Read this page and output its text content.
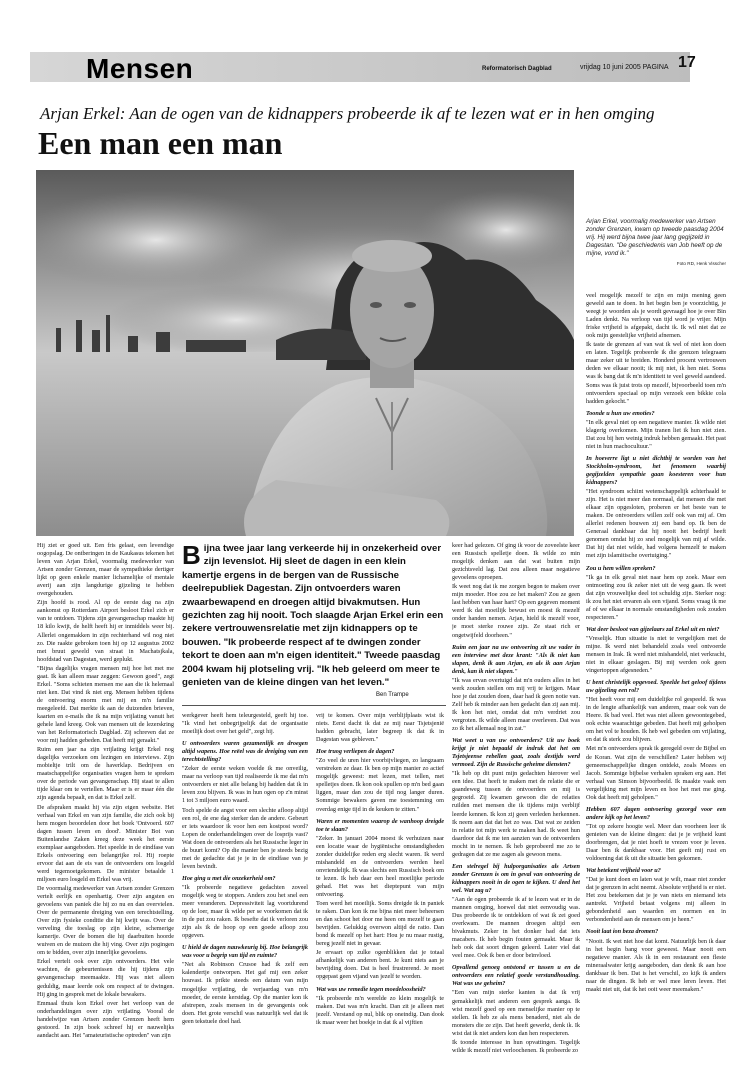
Mensen	Reformatorisch Dagblad	vrijdag 10 juni 2005 PAGINA 17
Arjan Erkel: Aan de ogen van de kidnappers probeerde ik af te lezen wat er in hen omging
Een man een man
Arjan Erkel, voormalig medewerker van Artsen zonder Grenzen, kwam op tweede paasdag 2004 vrij. Hij werd bijna twee jaar lang gegijzeld in Dagestan. "De geschiedenis van Job heeft op de mijne, vond ik."
Foto RD, Henk Visscher

Hij ziet er goed uit. Een fris gelaat, een levendige oogopslag. De ontberingen in de Kaukasus tekenen het leven van Arjan Erkel, voormalig medewerker van Artsen zonder Grenzen, maar de sympathieke dertiger lijkt op geen enkele manier lichamelijke of mentale averij aan zijn langdurige gijzeling te hebben overgehouden.

Zijn hoofd is rood. Al op de eerste dag na zijn aankomst op Rotterdam Airport besloot Erkel zich er van te ontdoen. Tijdens zijn gevangenschap maakte hij 18 kilo kwijt, de helft heeft hij er inmiddels weer bij. Allerlei ongemakken in zijn rechterhand wil nog niet zo. Die raakte gebroken toen hij op 12 augustus 2002 met bruut geweld van straat in Machatsjkala, hoofdstad van Dagestan, werd geplukt.

"Bijna dagelijks vragen mensen mij hoe het met me gaat. Ik kan alleen maar zeggen: Gewoon goed", zegt Erkel. "Soms schieten mensen me aan die ik helemaal niet ken. Dat vind ik niet erg. Mensen hebben tijdens de ontvoering enorm met mij en m'n familie meegeleefd. Dat merkte ik aan de duizenden brieven, kaarten en e-mails die ik na mijn vrijlating vanuit het gehele land kreeg. Ook van mensen uit de lezerskring van het Reformatorisch Dagblad. Zij schreven dat ze voor mij hadden gebeden. Dat heeft mij geraakt."

Ruim een jaar na zijn vrijlating krijgt Erkel nog dagelijks verzoeken om lezingen en interviews. Zijn mobieltje trilt om de haverklap. Bedrijven en maatschappelijke organisaties vragen hem te spreken over de periode van gevangenschap. Hij staat te allen tijde klaar om te vertellen. Maar er is er maar één die zijn agenda bepaalt, en dat is Erkel zelf.

De afspraken maakt hij via zijn eigen website. Het verhaal van Erkel en van zijn familie, die zich ook bij hem mogen beoordelen door het boek 'Ontvoerd. 607 dagen tussen leven en dood'. Minister Bot van Buitenlandse Zaken kreeg deze week het eerste exemplaar aangeboden. Het speelde in de eindfase van Erkels ontvoering een belangrijke rol. Hij roepte ervoor dat aan de eis van de ontvoerders om losgeld werd tegemoetgekomen. De minister betaalde 1 miljoen euro losgeld en Erkel was vrij.

De voormalig medewerker van Artsen zonder Grenzen vertelt eerlijk en openhartig. Over zijn angsten en gevoelens van paniek die hij zo nu en dan overvielen. Over de permanente dreiging van een terechtstelling. Over zijn fysieke conditie die hij kwijt was. Over de verveling die toeslag op zijn kleine, schemerige kamertje. Over de bomen die hij daarbuiten hoorde wuiven en de muizen die hij ving. Over zijn pogingen om te bidden, over zijn innerlijke gevoelens.

Erkel vertelt ook over zijn ontvoerders. Het vele wachten, de gebeurtenissen die hij tijdens zijn gevangenschap meemaakte. Hij was niet alleen geduldig, maar leerde ook om respect af te dwingen. Hij ging in gesprek met de lokale bewakers.

Emmaal thuis kon Erkel over het verloop van de onderhandelingen over zijn vrijlating. Vooral de handelwijze van Artsen zonder Grenzen heeft hem gestoord. In zijn boek schreef hij er nauwelijks aandacht aan. Het "amateuristische optreden" van zijn

Bijna twee jaar lang verkeerde hij in onzekerheid over zijn levenslot. Hij sleet de dagen in een klein kamertje ergens in de bergen van de Russische deelrepubliek Dagestan. Zijn ontvoerders waren zwaarbewapend en droegen altijd bivakmutsen. Hun gezichten zag hij nooit. Toch slaagde Arjan Erkel erin een zekere vertrouwensrelatie met zijn kidnappers op te bouwen. "Ik probeerde respect af te dwingen zonder tekort te doen aan m'n eigen identiteit." Tweede paasdag 2004 kwam hij plotseling vrij. "Ik heb geleerd om meer te genieten van de kleine dingen van het leven."
Ben Trampe

werkgever heeft hem teleurgesteld, geeft hij toe. "Ik vind het onbegrijpelijk dat de organisatie moeilijk doet over het geld", zegt hij.

U ontvoerders waren gezamenlijk en droegen altijd wapens. Hoe reëel was de dreiging van een terechtstelling?

"Zeker de eerste weken voelde ik me onveilig, maar na verloop van tijd realiseerde ik me dat m'n ontvoerders er niet alle belang bij hadden dat ik in leven zou blijven. Ik was in hun ogen op z'n minst 1 tot 3 miljoen euro waard.

Toch spelde de angst voor een slechte afloop altijd een rol, de ene dag sterker dan de andere. Gebeurt er iets waardoor ik voor hen een kostpost word? Lopen de onderhandelingen over de losprijs vast? Wat doen de ontvoerders als het Russische leger in de buurt komt? Op die manier ben je steeds bezig met de gedachte dat je je in de eindfase van je leven bevindt.

Hoe ging u met die onzekerheid om?

"Ik probeerde negatieve gedachten zoveel mogelijk weg te stoppen. Anders zou het snel een meer veranderen. Depressiviteit lag voortdurend op de loer, maar ik wilde per se voorkomen dat ik in de put zou raken. Ik besefte dat ik verloren zou zijn als ik de hoop op een goede afloop zou opgeven.

U hield de dagen nauwkeurig bij. Hoe belangrijk was voor u begrip van tijd en ruimte?

"Net als Robinson Crusoe had ik zelf een kalendertje ontworpen. Het gaf mij een zeker houvast. Ik prikte steeds een datum van mijn mogelijke vrijlating, de verjaardag van m'n moeder, de eerste kerstdag. Op die manier kon ik afstrepen, zoals mensen in de gevangenis ook doen. Het grote verschil was natuurlijk wel dat ik geen tekstuele doel had.

vrij te komen. Over mijn verblijfplaats wist ik niets. Eerst dacht ik dat ze mij naar Tsjetsjenië hadden gebracht, later begreep ik dat ik in Dagestan was gebleven."

Hoe truog verliepen de dagen?

"Zo veel de uren hier voorbijvliegen, zo langzaam verstreken ze daar. Ik ben op mijn manier zo actief mogelijk geweest: met lezen, met tellen, met spelletjes doen. Ik kon ook spullen op m'n bed gaan liggen, maar dan zou de tijd nog langer duren. Sommige bewakers gaven me toestemming om overdag enige tijd in de keuken te zitten."

Waren er momenten waarop de wanhoop dreigde toe te slaan?

"Zeker. In januari 2004 moest ik verhuizen naar een locatie waar de hygiënische omstandigheden zonder duidelijke reden erg slecht waren. Ik werd mishandeld en de ontvoerders werden heel onvriendelijk. Ik was slechts een Russisch boek om te lezen. Ik heb daar een heel moeilijke periode gehad. Het was het dieptepunt van mijn ontvoering.

Toen werd het moeilijk. Soms dreigde ik in paniek te raken. Dan kon ik me bijna niet meer beheersen en dan schoot het door me heen om mezelf te gaan bevrijden. Gelukkig overwon altijd de ratio. Dan bond ik mezelf op het hart: Hou je nu maar rustig, bereg jezelf niet in gevaar.

Je ervaart op zulke ogenblikken dat je totaal afhankelijk van anderen bent. Je kunt niets aan je bevrijding doen. Dat is heel frustrerend. Je moet opgepast geen vijand van jezelf te worden.

Wat was uw remedie tegen moedeloosheid?

"Ik probeerde m'n werelde zo klein mogelijk te maken. Dat was m'n kracht. Dan zit je alleen met jezelf. Verstand op nul, blik op oneindig. Dan dook ik maar weer het boekje in dat ik al vijftien

keer had gelezen. Of ging ik voor de zoveelste keer een Russisch spelletje doen. Ik wilde zo min mogelijk denken aan dat wat buiten mijn gezichtsveld lag. Dat zou alleen maar negatieve gevoelens oproepen.

Ik weet nog dat ik me zorgen begon te maken over mijn moeder. Hoe zou ze het maken? Zou ze geen last hebben van haar hart? Op een gegeven moment werd ik dat moeilijk bewust en moest ik mezelf onder handen nemen. Arjan, hield ik mezelf voor, je moet sterke rouwe zijn. Ze staat rich er ongetwijfeld doorheen."

Ruim een jaar na uw ontvoering zit uw vader in een interview met deze krant: "Als ik niet kan slapen, denk ik aan Arjan, en als ik aan Arjan denk, kan ik niet slapen."

"Ik was ervan overtuigd dat m'n ouders alles in het werk zouden stellen om mij vrij te krijgen. Maar hoe je dat zouden doen, daar had ik geen notie van. Zelf heb ik minder aan hen gedacht dan zij aan mij. Ik kon het niet, omdat dat m'n verdriet zou vergroten. Ik wilde alleen maar overleven. Dat was zo ik het allemaal nog in zat."

Wat weet u van uw ontvoerders? Uit uw boek krijgt je niet bepaald de indruk dat het om Tsjetsjeense rebellen gaat, zoals destijds werd vermoed. Zijn de Russische geheime diensten?

"Ik heb op dit punt mijn gedachten hierover wel een idee. Dat heeft te maken met de relatie die er gaandeweg tussen de ontvoerders en mij is gegroeid. Zij kwamen gewoon die de relaties ruilden met mensen die ik tijdens mijn verblijf leerde kennen. Ik kon zij geen verleden herkennen. Ik neem aan dat dat het zo was. Dat wat ze zeiden in relatie tot mijn werk te maken had. Ik weet hun daardoor dat ik me ten aanzien van de ontvoerders mocht in te nemen. Ik heb geprobeerd me zo te gedragen dat ze me zagen als gewoon mens.

Een stelregel bij hulporganisaties als Artsen zonder Grenzen is om in geval van ontvoering de kidnappers nooit in de ogen te kijken. U deed het wel. Wat zag u?

"Aan de ogen probeerde ik af te lezen wat er in de mannen omging, hoewel dat niet eenvoudig was. Dus probeerde ik te ontdekken of wat ik zei goed overkwam. De mannen droegen altijd een bivakmuts. Zeker in het donker had dat iets macabers. Ik heb begin fouten gemaakt. Maar ik heb ook dat soort dingen geleerd. Later viel dat veel mee. Ook ik ben er door beïnvloed.

Opvallend genoeg ontstond er tussen u en de ontvoerders een relatief goede verstandhouding. Wat was uw geheim?

"Een van mijn sterke kanten is dat ik vrij gemakkelijk met anderen een gesprek aanga. Ik wist mezelf goed op een menselijke manier op te stellen. Ik heb ze als mens benaderd, niet als de monsters die ze zijn. Dat heeft gewerkt, denk ik. Ik wist dat ik niet anders kon dan hen respecteren.

Ik toonde interesse in hun opvattingen. Tegelijk wilde ik mezelf niet verloochenen. Ik probeerde zo

veel mogelijk mezelf te zijn en mijn mening geen geweld aan te doen. In het begin ben je voorzichtig, je weegt je woorden als je wordt gevraagd hoe je over Bin Laden denkt. Na verloop van tijd word je vrijer. Mijn friske vrijheid is afgepakt, dacht ik. Ik wil niet dat ze ook mijn geestelijke vrijheid afnemen.

Ik taste de grenzen af van wat ik wel of niet kon doen en laten. Tegelijk probeerde ik die grenzen telegraam maar zeker uit te breiden. Honderd procent vertrouwen deden we elkaar nooit; ik mij niet, ik hen niet. Soms was ik bang dat ik m'n identiteit te veel geweld aandeed. Soms was ik juist trots op mezelf, bijvoorbeeld toen m'n ontvoerders speciaal op mijn verzoek een bikkie cola hadden gekocht."

Toonde u hun uw emoties?

"In elk geval niet op een negatieve manier. Ik wilde niet klagerig overkomen. Mijn tranen liet ik hun niet zien. Dat zou bij hen weinig indruk hebben gemaakt. Het past niet in hun machocultuur."

In hoeverre ligt u niet dichtbij te worden van het Stockholm-syndroom, het fenomeen waarbij gegijzelden sympathie gaan koesteren voor hun kidnappers?

"Het syndroom schiint wetenschappelijk achterhaald te zijn. Het is niet meer dan normaal, dat mensen die met elkaar zijn opgesloten, proberen er het beste van te maken. De ontvoerders willen zelf ook van mij af. Om allerlei redenen bouwen zij een band op. Ik ben de Generaal dankbaar dat hij nooit het bedrijf heeft genomen omdat hij zo snel mogelijk van mij af wilde. Dat hij dat niet wilde, had volgens hemzelf te maken met zijn islamitische overtuiging."

Zou u hem willen spreken?

"Ik ga in elk geval niet naar hem op zoek. Maar een ontmoeting zou ik zeker niet uit de weg gaan. Ik weet dat zijn vrouwelijke deel tot schuldig zijn. Sterker nog: ik zou het niet ervaren als een vijand. Soms vraag ik me af of we elkaar in normale omstandigheden ook zouden respecteren."

Wat deer besloot van gijzelaars zal Erkel uit en niet?

"Vreselijk. Hun situatie is niet te vergelijken met de mijne. Ik werd niet behandeld zoals veel ontvoerde mensen in Irak. Ik werd niet mishandeld, niet verkracht, niet in elkaar geslagen. Bij mij werden ook geen vingertoppen afgesneden."

U bent christelijk opgevoed. Speelde het geloof tijdens uw gijzeling een rol?

"Het heeft voor mij een duidelijke rol gespeeld. Ik was in de lengte afhankelijk van anderen, maar ook van de Heere. Ik bad veel. Het was niet alleen gewoontegebed, ook echte waarachtige gebeden. Dat heeft mij geholpen om het vol te houden. Ik heb wel gebeden om vrijlating, en dat ik sterk zou blijven.

Met m'n ontvoerders sprak ik geregeld over de Bijbel en de Koran. Wat zijn de verschillen? Later hebben wij gemeenschappelijke dingen ontdekt, zoals Mozes en Jacob. Sommige bijbelse verhalen spraken erg aan. Het verhaal van Simson bijvoorbeeld. Ik maakte vaak een vergelijking met mijn leven en hoe het met me ging. Ook dat heeft mij geholpen."

Hebben 607 dagen ontvoering gezorgd voor een andere kijk op het leven?

"Tot op zekere hoogte wel. Meer dan voorheen leer ik genieten van de kleine dingen: dat je je vrijheid kunt doorbrengen, dat je niet hoeft te vrezen voor je leven. Daar ben ik dankbaar voor. Het geeft mij rust en voldoening dat ik uit die situatie ben gekomen.

Wat betekent vrijheid voor u?

"Dat je kunt doen en laten wat je wilt, maar niet zonder dat je grenzen in acht neemt. Absolute vrijheid is er niet. Het zou betekenen dat je je van niets en niemand iets aantrekt. Vrijheid betaat volgens mij alleen in gebondenheid aan waarden en normen en in verbondenheid aan de mensen om je heen."

Nooit laat ion beza dromen?

"Nooit. Ik wet niet hoe dat komt. Natuurlijk ben ik daar in het begin bang voor geweest. Maar nooit een negatieve manier. Als ik in een restaurant een fleste mineraalwater krijg aangeboden, dan denk ik aan hoe dankbaar ik ben. Dat is het verschil, zo kijk ik anders naar de dingen. Ik heb er wel mee leren leven. Het maakt niet uit, dat ik het ooit weer meemaken."
